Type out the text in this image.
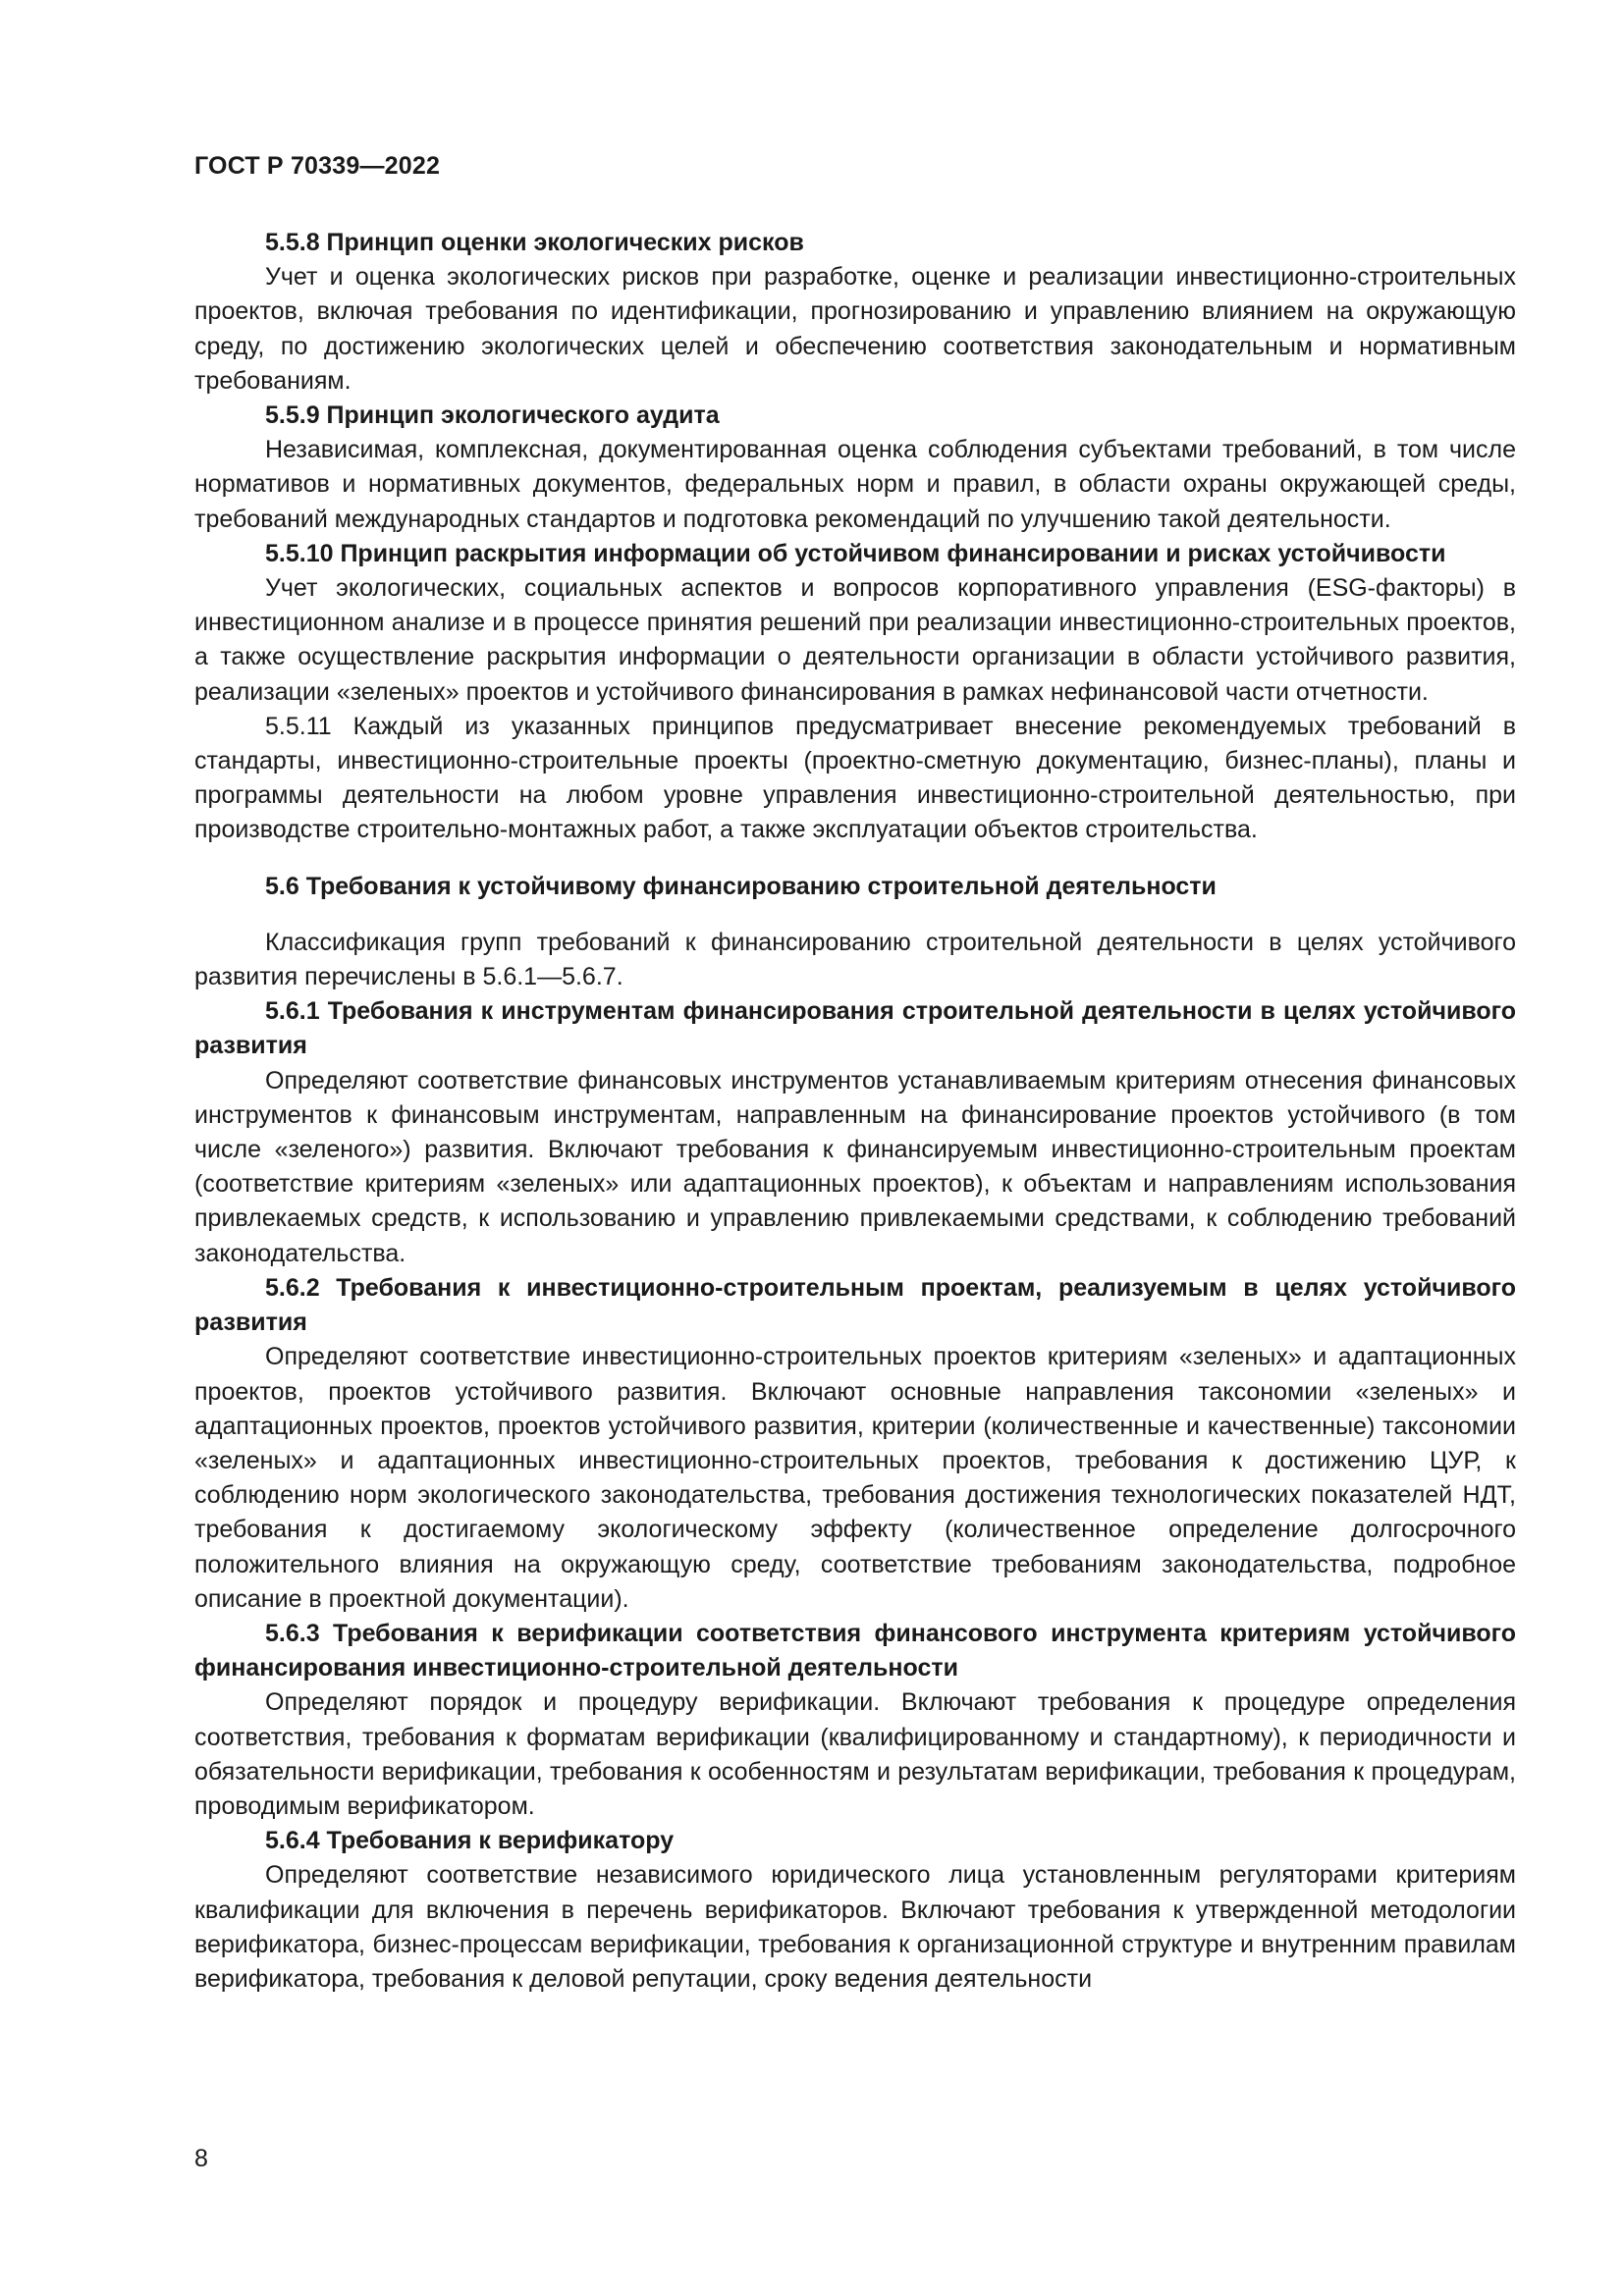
ГОСТ Р 70339—2022

5.5.8 Принцип оценки экологических рисков

Учет и оценка экологических рисков при разработке, оценке и реализации инвестиционно-строительных проектов, включая требования по идентификации, прогнозированию и управлению влиянием на окружающую среду, по достижению экологических целей и обеспечению соответствия законодательным и нормативным требованиям.

5.5.9 Принцип экологического аудита

Независимая, комплексная, документированная оценка соблюдения субъектами требований, в том числе нормативов и нормативных документов, федеральных норм и правил, в области охраны окружающей среды, требований международных стандартов и подготовка рекомендаций по улучшению такой деятельности.

5.5.10 Принцип раскрытия информации об устойчивом финансировании и рисках устойчивости

Учет экологических, социальных аспектов и вопросов корпоративного управления (ESG-факторы) в инвестиционном анализе и в процессе принятия решений при реализации инвестиционно-строительных проектов, а также осуществление раскрытия информации о деятельности организации в области устойчивого развития, реализации «зеленых» проектов и устойчивого финансирования в рамках нефинансовой части отчетности.

5.5.11 Каждый из указанных принципов предусматривает внесение рекомендуемых требований в стандарты, инвестиционно-строительные проекты (проектно-сметную документацию, бизнес-планы), планы и программы деятельности на любом уровне управления инвестиционно-строительной деятельностью, при производстве строительно-монтажных работ, а также эксплуатации объектов строительства.

5.6 Требования к устойчивому финансированию строительной деятельности

Классификация групп требований к финансированию строительной деятельности в целях устойчивого развития перечислены в 5.6.1—5.6.7.

5.6.1 Требования к инструментам финансирования строительной деятельности в целях устойчивого развития

Определяют соответствие финансовых инструментов устанавливаемым критериям отнесения финансовых инструментов к финансовым инструментам, направленным на финансирование проектов устойчивого (в том числе «зеленого») развития. Включают требования к финансируемым инвестиционно-строительным проектам (соответствие критериям «зеленых» или адаптационных проектов), к объектам и направлениям использования привлекаемых средств, к использованию и управлению привлекаемыми средствами, к соблюдению требований законодательства.

5.6.2 Требования к инвестиционно-строительным проектам, реализуемым в целях устойчивого развития

Определяют соответствие инвестиционно-строительных проектов критериям «зеленых» и адаптационных проектов, проектов устойчивого развития. Включают основные направления таксономии «зеленых» и адаптационных проектов, проектов устойчивого развития, критерии (количественные и качественные) таксономии «зеленых» и адаптационных инвестиционно-строительных проектов, требования к достижению ЦУР, к соблюдению норм экологического законодательства, требования достижения технологических показателей НДТ, требования к достигаемому экологическому эффекту (количественное определение долгосрочного положительного влияния на окружающую среду, соответствие требованиям законодательства, подробное описание в проектной документации).

5.6.3 Требования к верификации соответствия финансового инструмента критериям устойчивого финансирования инвестиционно-строительной деятельности

Определяют порядок и процедуру верификации. Включают требования к процедуре определения соответствия, требования к форматам верификации (квалифицированному и стандартному), к периодичности и обязательности верификации, требования к особенностям и результатам верификации, требования к процедурам, проводимым верификатором.

5.6.4 Требования к верификатору

Определяют соответствие независимого юридического лица установленным регуляторами критериям квалификации для включения в перечень верификаторов. Включают требования к утвержденной методологии верификатора, бизнес-процессам верификации, требования к организационной структуре и внутренним правилам верификатора, требования к деловой репутации, сроку ведения деятельности

8
